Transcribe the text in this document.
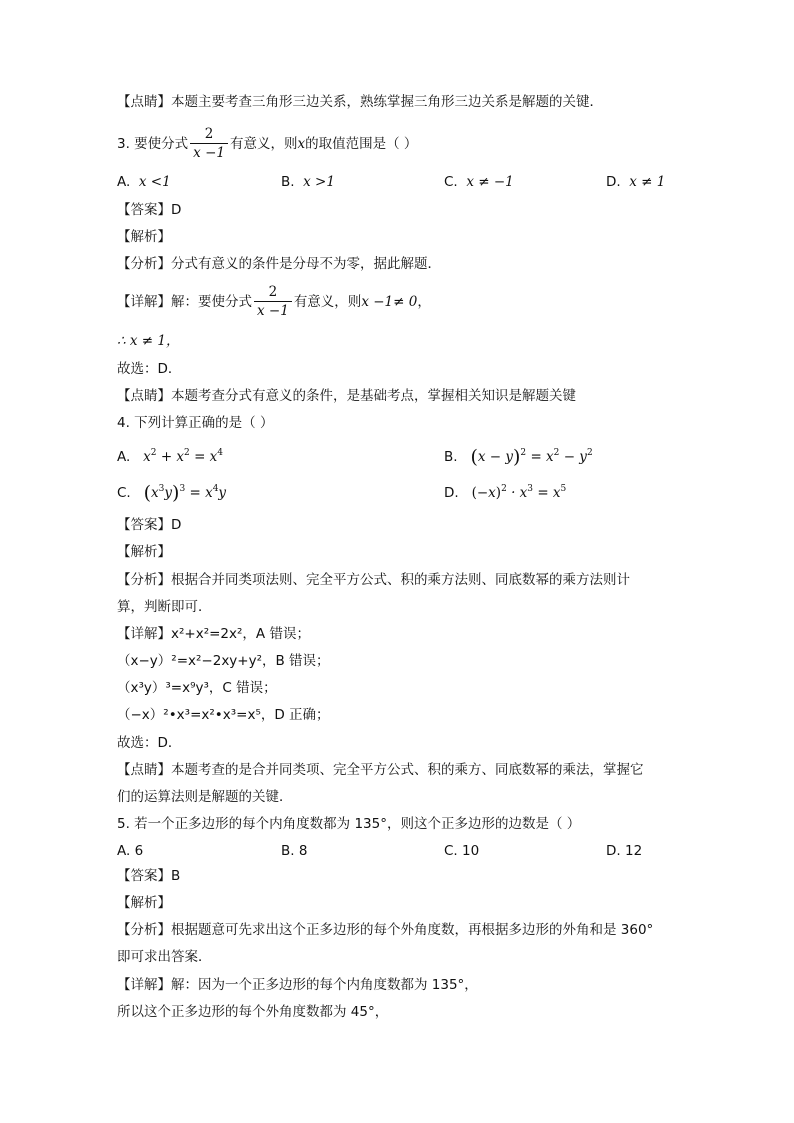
【点睛】本题主要考查三角形三边关系，熟练掌握三角形三边关系是解题的关键．
3. 要使分式 $\frac{2}{x -1}$ 有意义，则x的取值范围是（ ）
A. x <1	B. x >1	C. x ≠ −1	D. x ≠ 1
【答案】D
【解析】
【分析】分式有意义的条件是分母不为零，据此解题．
【详解】解：要使分式 $\frac{2}{x -1}$ 有意义，则x −1≠ 0，
∴ x ≠ 1，
故选：D．
【点睛】本题考查分式有意义的条件，是基础考点，掌握相关知识是解题关键
4. 下列计算正确的是（ ）
A. $x^2 + x^2 = x^4$	B. $(x - y)^2 = x^2 - y^2$
C. $(x^3y)^3 = x^4y$	D. $(-x)^2 \cdot x^3 = x^5$
【答案】D
【解析】
【分析】根据合并同类项法则、完全平方公式、积的乘方法则、同底数幂的乘方法则计
算，判断即可．
【详解】x²+x²=2x²，A 错误；
（x−y）²=x²−2xy+y²，B 错误；
（x³y）³=x⁹y³，C 错误；
（−x）²•x³=x²•x³=x⁵，D 正确；
故选：D．
【点睛】本题考查的是合并同类项、完全平方公式、积的乘方、同底数幂的乘法，掌握它
们的运算法则是解题的关键．
5. 若一个正多边形的每个内角度数都为 135°，则这个正多边形的边数是（ ）
A. 6	B. 8	C. 10	D. 12
【答案】B
【解析】
【分析】根据题意可先求出这个正多边形的每个外角度数，再根据多边形的外角和是 360°
即可求出答案．
【详解】解：因为一个正多边形的每个内角度数都为 135°，
所以这个正多边形的每个外角度数都为 45°，
